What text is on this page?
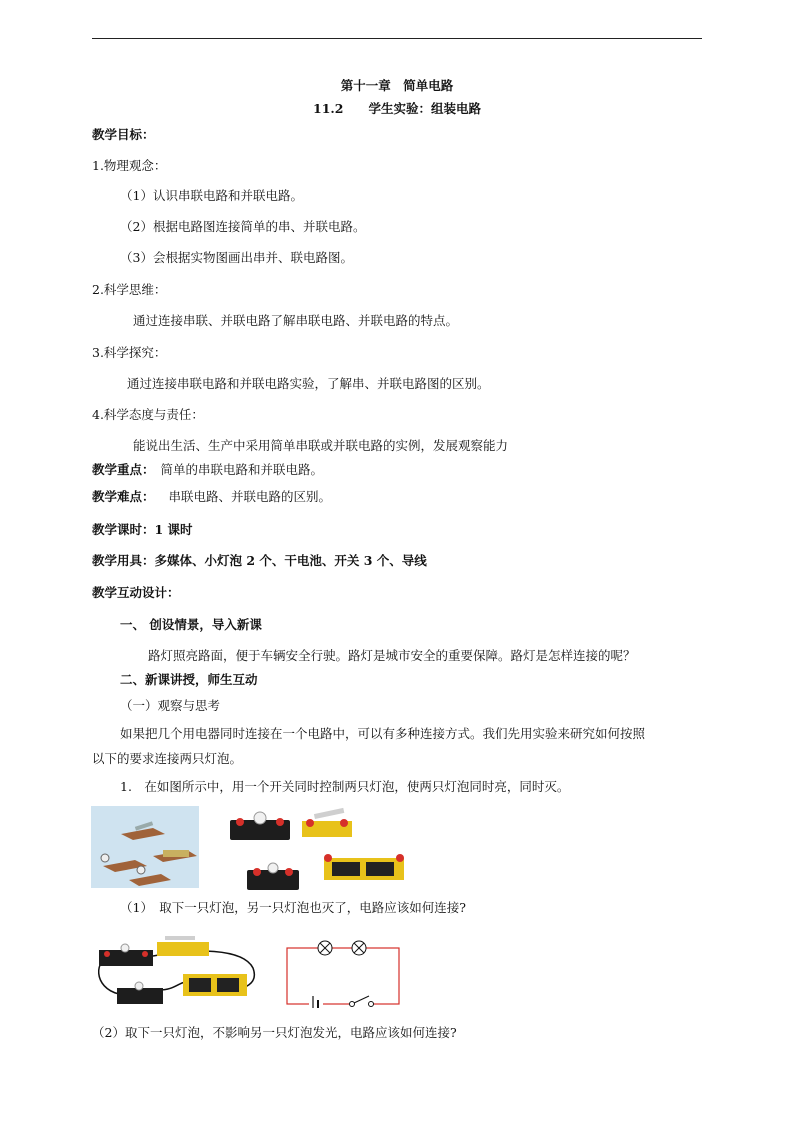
第十一章　简单电路
11.2　　学生实验：组装电路
教学目标：
1.物理观念：
（1）认识串联电路和并联电路。
（2）根据电路图连接简单的串、并联电路。
（3）会根据实物图画出串并、联电路图。
2.科学思维：
通过连接串联、并联电路了解串联电路、并联电路的特点。
3.科学探究：
通过连接串联电路和并联电路实验，了解串、并联电路图的区别。
4.科学态度与责任：
能说出生活、生产中采用简单串联或并联电路的实例，发展观察能力
教学重点： 简单的串联电路和并联电路。
教学难点： 串联电路、并联电路的区别。
教学课时：1 课时
教学用具：多媒体、小灯泡 2 个、干电池、开关 3 个、导线
教学互动设计：
一、 创设情景，导入新课
路灯照亮路面，便于车辆安全行驶。路灯是城市安全的重要保障。路灯是怎样连接的呢？
二、新课讲授，师生互动
（一）观察与思考
如果把几个用电器同时连接在一个电路中，可以有多种连接方式。我们先用实验来研究如何按照
以下的要求连接两只灯泡。
1.　在如图所示中，用一个开关同时控制两只灯泡，使两只灯泡同时亮，同时灭。
（1）　取下一只灯泡，另一只灯泡也灭了，电路应该如何连接?
（2）取下一只灯泡，不影响另一只灯泡发光，电路应该如何连接?
